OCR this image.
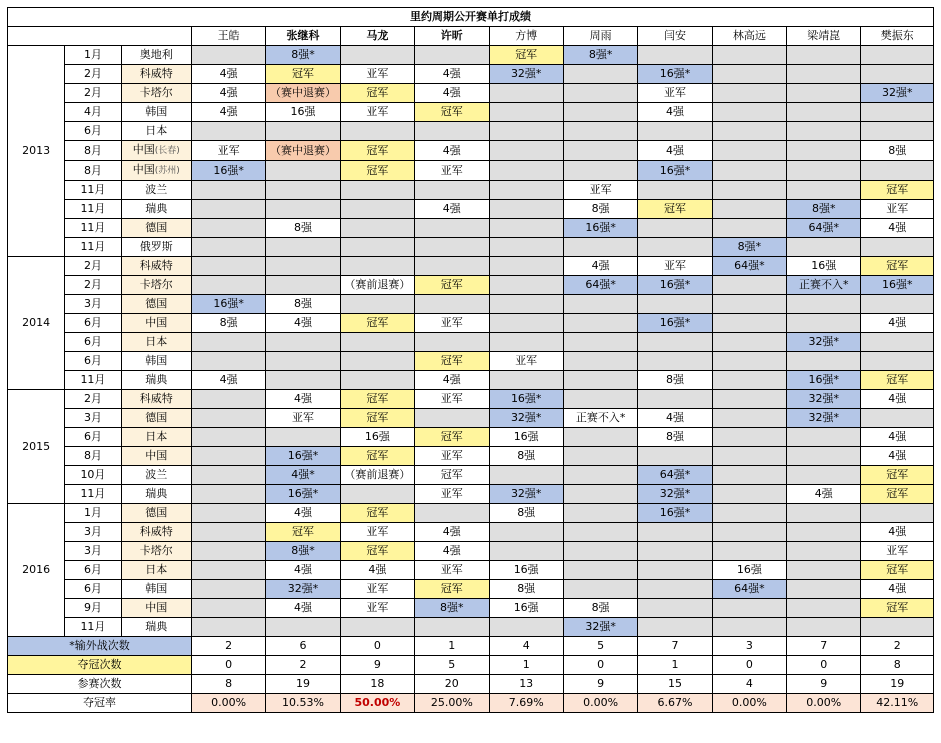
里约周期公开赛单打成绩												
			王皓	张继科	马龙	许昕	方博	周雨	闫安	林高远	梁靖崑	樊振东
2013	1月	奥地利		8强*			冠军	8强*				
	2月	科威特	4强	冠军	亚军	4强	32强*		16强*			
	2月	卡塔尔	4强	（赛中退赛）	冠军	4强			亚军			32强*
	4月	韩国	4强	16强	亚军	冠军			4强			
	6月	日本										
	8月	中国(长春)	亚军	（赛中退赛）	冠军	4强			4强			8强
	8月	中国(苏州)	16强*		冠军	亚军			16强*			
	11月	波兰						亚军				冠军
	11月	瑞典				4强		8强	冠军		8强*	亚军
	11月	德国		8强				16强*			64强*	4强
	11月	俄罗斯								8强*		
2014	2月	科威特						4强	亚军	64强*	16强	冠军
	2月	卡塔尔			（赛前退赛）	冠军		64强*	16强*		正赛不入*	16强*
	3月	德国	16强*	8强								
	6月	中国	8强	4强	冠军	亚军			16强*			4强
	6月	日本									32强*	
	6月	韩国				冠军	亚军					
	11月	瑞典	4强			4强			8强		16强*	冠军
2015	2月	科威特		4强	冠军	亚军	16强*				32强*	4强
	3月	德国		亚军	冠军		32强*	正赛不入*	4强		32强*	
	6月	日本			16强	冠军	16强		8强			4强
	8月	中国		16强*	冠军	亚军	8强					4强
	10月	波兰		4强*	（赛前退赛）	冠军			64强*			冠军
	11月	瑞典		16强*		亚军	32强*		32强*		4强	冠军
2016	1月	德国		4强	冠军		8强		16强*			
	3月	科威特		冠军	亚军	4强						4强
	3月	卡塔尔		8强*	冠军	4强						亚军
	6月	日本		4强	4强	亚军	16强			16强		冠军
	6月	韩国		32强*	亚军	冠军	8强			64强*		4强
	9月	中国		4强	亚军	8强*	16强	8强				冠军
	11月	瑞典						32强*				
*输外战次数			2	6	0	1	4	5	7	3	7	2
夺冠次数			0	2	9	5	1	0	1	0	0	8
参赛次数			8	19	18	20	13	9	15	4	9	19
夺冠率			0.00%	10.53%	50.00%	25.00%	7.69%	0.00%	6.67%	0.00%	0.00%	42.11%
